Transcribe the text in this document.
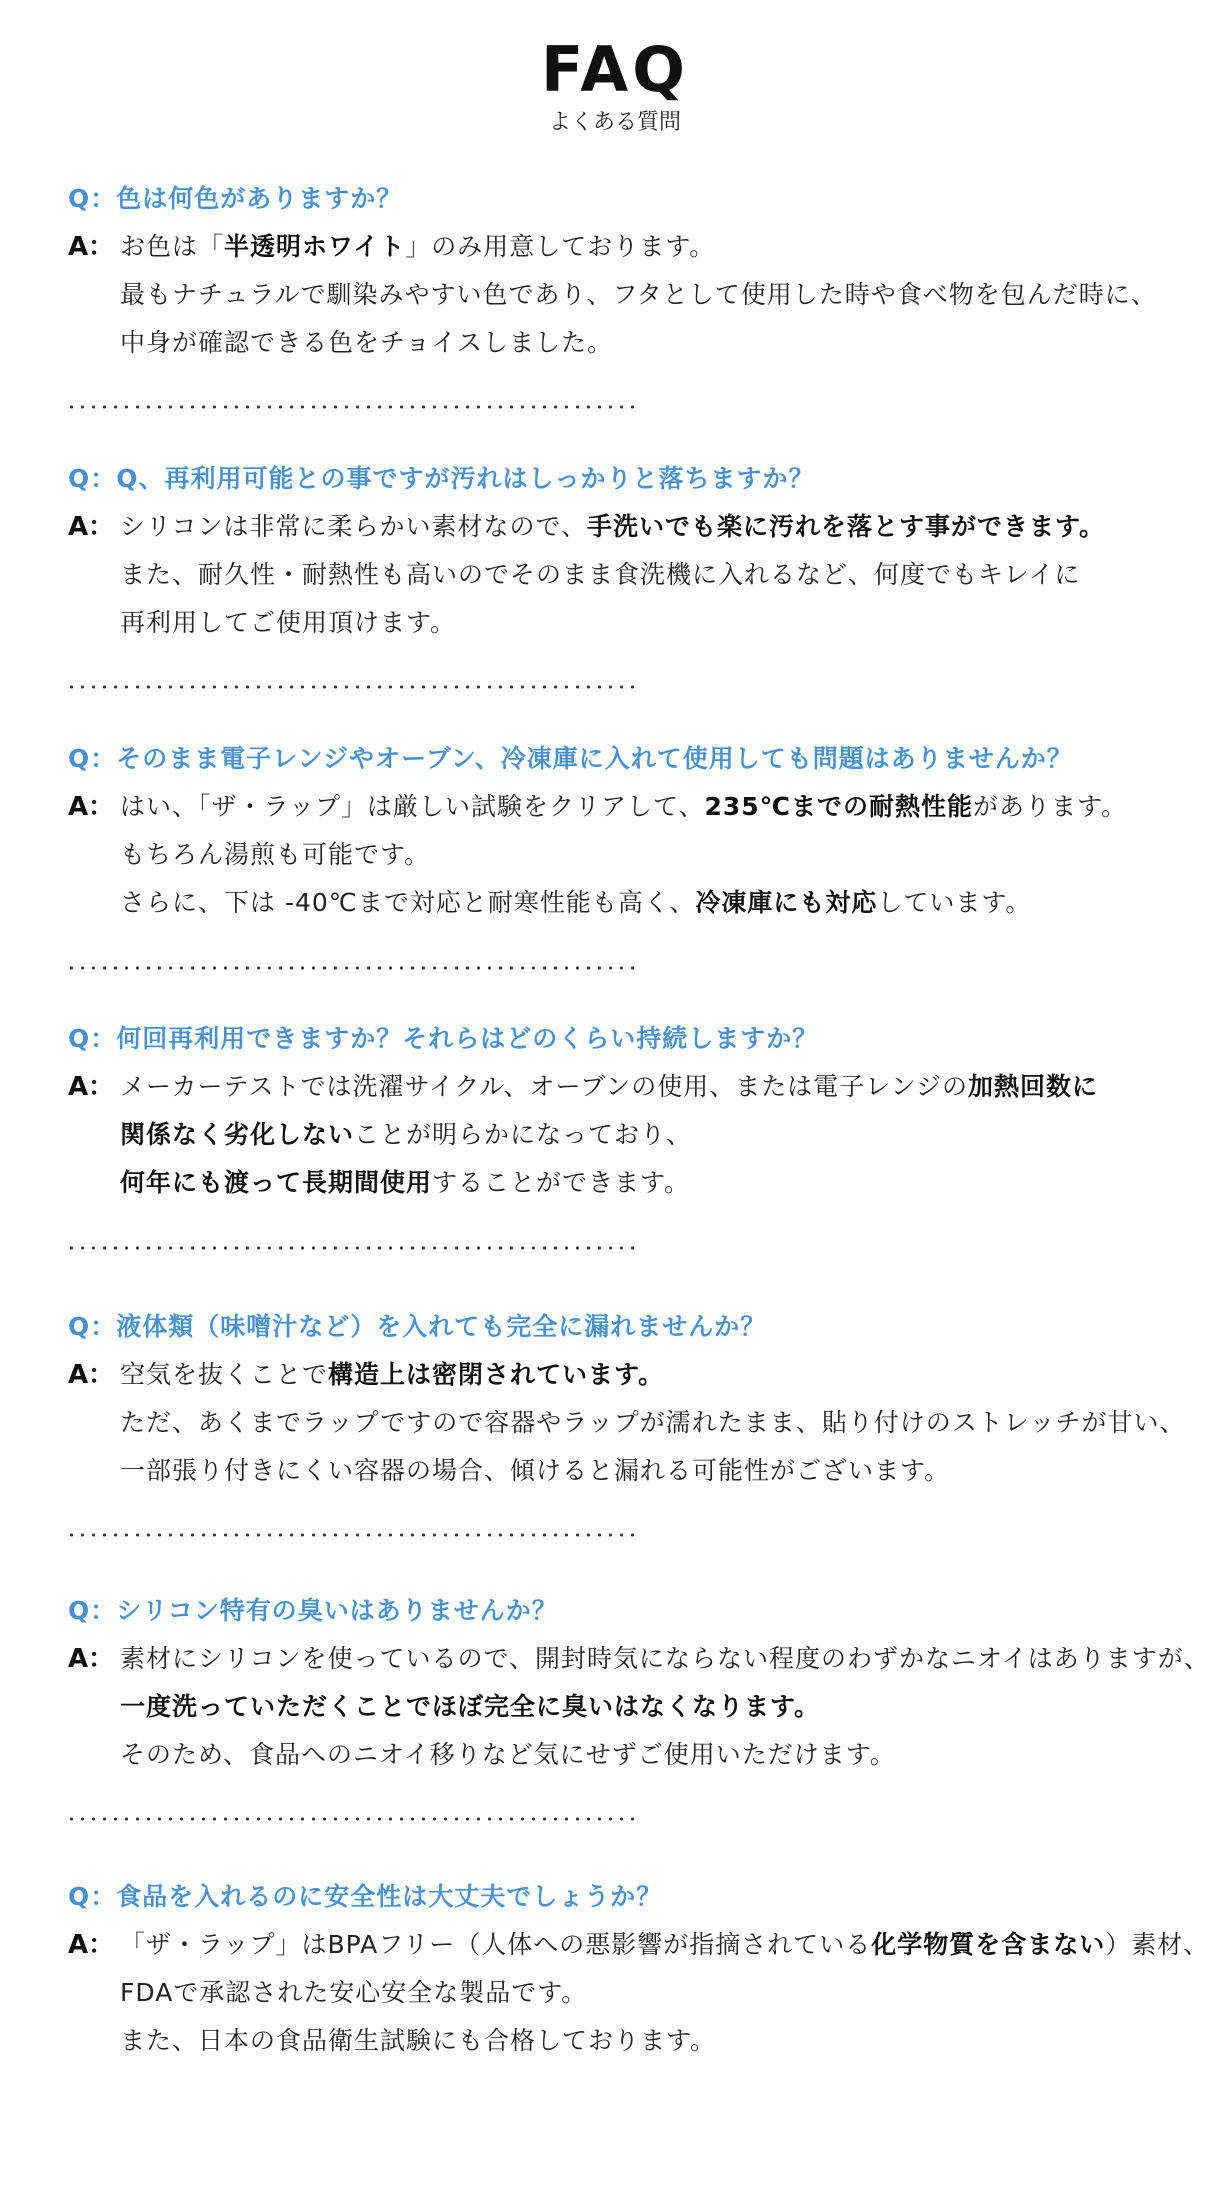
FAQ
よくある質問
Q：色は何色がありますか？
A： お色は「半透明ホワイト」のみ用意しております。
最もナチュラルで馴染みやすい色であり、フタとして使用した時や食べ物を包んだ時に、
中身が確認できる色をチョイスしました。
Q：Q、再利用可能との事ですが汚れはしっかりと落ちますか？
A： シリコンは非常に柔らかい素材なので、手洗いでも楽に汚れを落とす事ができます。
また、耐久性・耐熱性も高いのでそのまま食洗機に入れるなど、何度でもキレイに
再利用してご使用頂けます。
Q：そのまま電子レンジやオーブン、冷凍庫に入れて使用しても問題はありませんか？
A： はい、「ザ・ラップ」は厳しい試験をクリアして、235℃までの耐熱性能があります。
もちろん湯煎も可能です。
さらに、下は -40℃まで対応と耐寒性能も高く、冷凍庫にも対応しています。
Q：何回再利用できますか？それらはどのくらい持続しますか？
A： メーカーテストでは洗濯サイクル、オーブンの使用、または電子レンジの加熱回数に
関係なく劣化しないことが明らかになっており、
何年にも渡って長期間使用することができます。
Q：液体類（味噌汁など）を入れても完全に漏れませんか？
A： 空気を抜くことで構造上は密閉されています。
ただ、あくまでラップですので容器やラップが濡れたまま、貼り付けのストレッチが甘い、
一部張り付きにくい容器の場合、傾けると漏れる可能性がございます。
Q：シリコン特有の臭いはありませんか？
A： 素材にシリコンを使っているので、開封時気にならない程度のわずかなニオイはありますが、
一度洗っていただくことでほぼ完全に臭いはなくなります。
そのため、食品へのニオイ移りなど気にせずご使用いただけます。
Q：食品を入れるのに安全性は大丈夫でしょうか？
A： 「ザ・ラップ」はBPAフリー（人体への悪影響が指摘されている化学物質を含まない）素材、
FDAで承認された安心安全な製品です。
また、日本の食品衛生試験にも合格しております。
